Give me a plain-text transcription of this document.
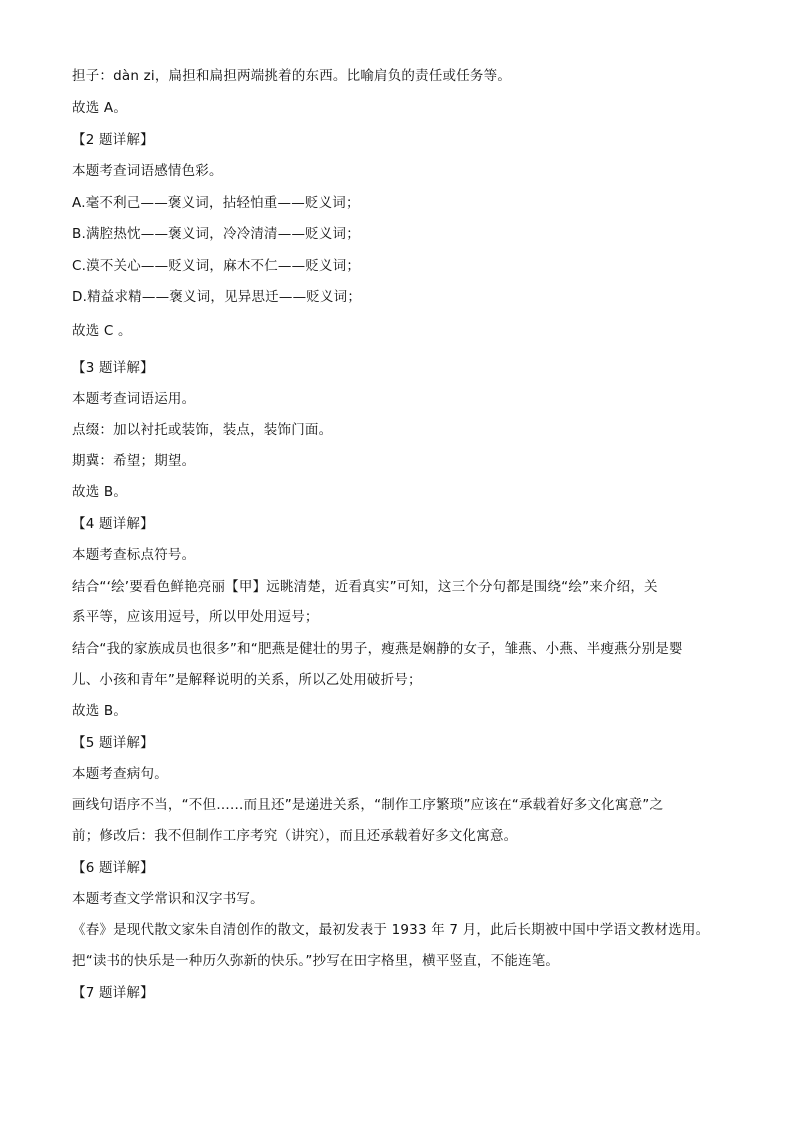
担子：dàn zi，扁担和扁担两端挑着的东西。比喻肩负的责任或任务等。
故选 A。
【2 题详解】
本题考查词语感情色彩。
A.毫不利己——褒义词，拈轻怕重——贬义词；
B.满腔热忱——褒义词，冷冷清清——贬义词；
C.漠不关心——贬义词，麻木不仁——贬义词；
D.精益求精——褒义词，见异思迁——贬义词；
故选 C 。
【3 题详解】
本题考查词语运用。
点缀：加以衬托或装饰，装点，装饰门面。
期冀：希望；期望。
故选 B。
【4 题详解】
本题考查标点符号。
结合“‘绘’要看色鲜艳亮丽【甲】远眺清楚，近看真实”可知，这三个分句都是围绕“绘”来介绍，关
系平等，应该用逗号，所以甲处用逗号；
结合“我的家族成员也很多”和“肥燕是健壮的男子，瘦燕是娴静的女子，雏燕、小燕、半瘦燕分别是婴
儿、小孩和青年”是解释说明的关系，所以乙处用破折号；
故选 B。
【5 题详解】
本题考查病句。
画线句语序不当，“不但……而且还”是递进关系，“制作工序繁琐”应该在“承载着好多文化寓意”之
前；修改后：我不但制作工序考究（讲究），而且还承载着好多文化寓意。
【6 题详解】
本题考查文学常识和汉字书写。
《春》是现代散文家朱自清创作的散文，最初发表于 1933 年 7 月，此后长期被中国中学语文教材选用。
把“读书的快乐是一种历久弥新的快乐。”抄写在田字格里，横平竖直，不能连笔。
【7 题详解】
